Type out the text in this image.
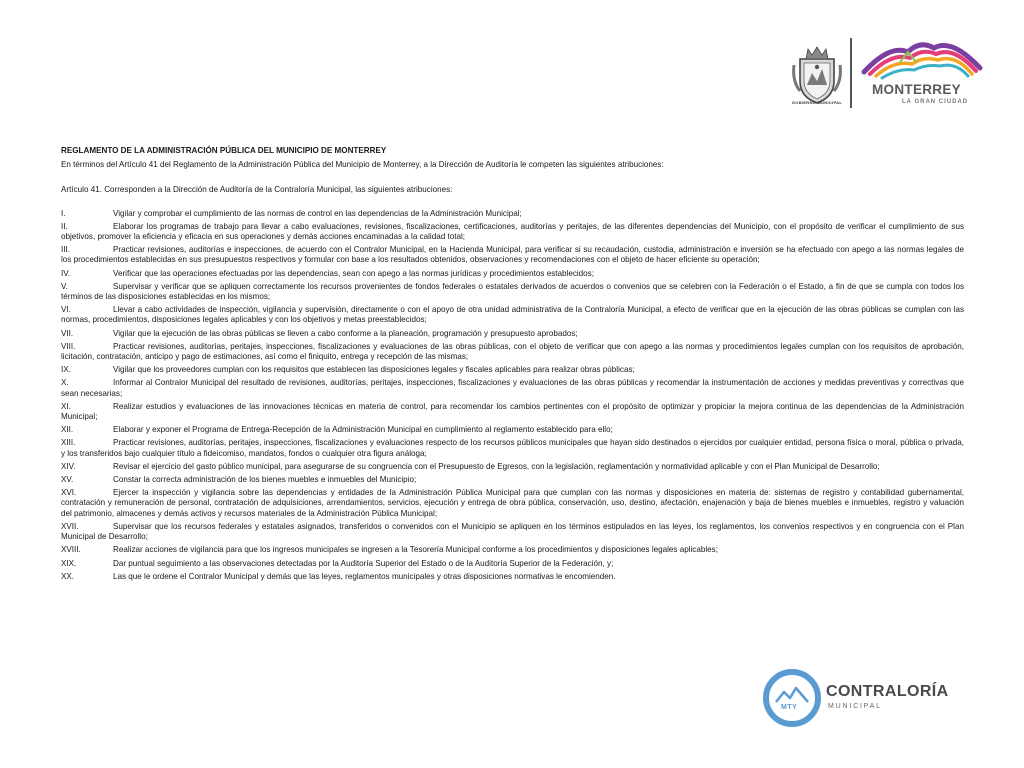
GOBIERNO MUNICIPAL
MONTERREY
LA GRAN CIUDAD
REGLAMENTO DE LA ADMINISTRACIÓN PÚBLICA DEL MUNICIPIO DE MONTERREY
En términos del Artículo 41 del Reglamento de la Administración Pública del Municipio de Monterrey, a la Dirección de Auditoría le competen las siguientes atribuciones:
Artículo 41. Corresponden a la Dirección de Auditoría de la Contraloría Municipal, las siguientes atribuciones:
I.	Vigilar y comprobar el cumplimiento de las normas de control en las dependencias de la Administración Municipal;
II.	Elaborar los programas de trabajo para llevar a cabo evaluaciones, revisiones, fiscalizaciones, certificaciones, auditorías y peritajes, de las diferentes dependencias del Municipio, con el propósito de verificar el cumplimiento de sus objetivos, promover la eficiencia y eficacia en sus operaciones y demás acciones encaminadas a la calidad total;
III.	Practicar revisiones, auditorías e inspecciones, de acuerdo con el Contralor Municipal, en la Hacienda Municipal, para verificar si su recaudación, custodia, administración e inversión se ha efectuado con apego a las normas legales de los procedimientos establecidas en sus presupuestos respectivos y formular con base a los resultados obtenidos, observaciones y recomendaciones con el objeto de hacer eficiente su operación;
IV.	Verificar que las operaciones efectuadas por las dependencias, sean con apego a las normas jurídicas y procedimientos establecidos;
V.	Supervisar y verificar que se apliquen correctamente los recursos provenientes de fondos federales o estatales derivados de acuerdos o convenios que se celebren con la Federación o el Estado, a fin de que se cumpla con todos los términos de las disposiciones establecidas en los mismos;
VI.	Llevar a cabo actividades de inspección, vigilancia y supervisión, directamente o con el apoyo de otra unidad administrativa de la Contraloría Municipal, a efecto de verificar que en la ejecución de las obras públicas se cumplan con las normas, procedimientos, disposiciones legales aplicables y con los objetivos y metas preestablecidos;
VII.	Vigilar que la ejecución de las obras públicas se lleven a cabo conforme a la planeación, programación y presupuesto aprobados;
VIII.	Practicar revisiones, auditorías, peritajes, inspecciones, fiscalizaciones y evaluaciones de las obras públicas, con el objeto de verificar que con apego a las normas y procedimientos legales cumplan con los requisitos de aprobación, licitación, contratación, anticipo y pago de estimaciones, así como el finiquito, entrega y recepción de las mismas;
IX.	Vigilar que los proveedores cumplan con los requisitos que establecen las disposiciones legales y fiscales aplicables para realizar obras públicas;
X.	Informar al Contralor Municipal del resultado de revisiones, auditorías, peritajes, inspecciones, fiscalizaciones y evaluaciones de las obras públicas y recomendar la instrumentación de acciones y medidas preventivas y correctivas que sean necesarias;
XI.	Realizar estudios y evaluaciones de las innovaciones técnicas en materia de control, para recomendar los cambios pertinentes con el propósito de optimizar y propiciar la mejora continua de las dependencias de la Administración Municipal;
XII.	Elaborar y exponer el Programa de Entrega-Recepción de la Administración Municipal en cumplimiento al reglamento establecido para ello;
XIII.	Practicar revisiones, auditorías, peritajes, inspecciones, fiscalizaciones y evaluaciones respecto de los recursos públicos municipales que hayan sido destinados o ejercidos por cualquier entidad, persona física o moral, pública o privada, y los transferidos bajo cualquier título a fideicomiso, mandatos, fondos o cualquier otra figura análoga;
XIV.	Revisar el ejercicio del gasto público municipal, para asegurarse de su congruencia con el Presupuesto de Egresos, con la legislación, reglamentación y normatividad aplicable y con el Plan Municipal de Desarrollo;
XV.	Constar la correcta administración de los bienes muebles e inmuebles del Municipio;
XVI.	Ejercer la inspección y vigilancia sobre las dependencias y entidades de la Administración Pública Municipal para que cumplan con las normas y disposiciones en materia de: sistemas de registro y contabilidad gubernamental, contratación y remuneración de personal, contratación de adquisiciones, arrendamientos, servicios, ejecución y entrega de obra pública, conservación, uso, destino, afectación, enajenación y baja de bienes muebles e inmuebles, registro y valuación del patrimonio, almacenes y demás activos y recursos materiales de la Administración Pública Municipal;
XVII.	Supervisar que los recursos federales y estatales asignados, transferidos o convenidos con el Municipio se apliquen en los términos estipulados en las leyes, los reglamentos, los convenios respectivos y en congruencia con el Plan Municipal de Desarrollo;
XVIII.	Realizar acciones de vigilancia para que los ingresos municipales se ingresen a la Tesorería Municipal conforme a los procedimientos y disposiciones legales aplicables;
XIX.	Dar puntual seguimiento a las observaciones detectadas por la Auditoría Superior del Estado o de la Auditoría Superior de la Federación, y;
XX.	Las que le ordene el Contralor Municipal y demás que las leyes, reglamentos municipales y otras disposiciones normativas le encomienden.
MTY
CONTRALORÍA
MUNICIPAL
